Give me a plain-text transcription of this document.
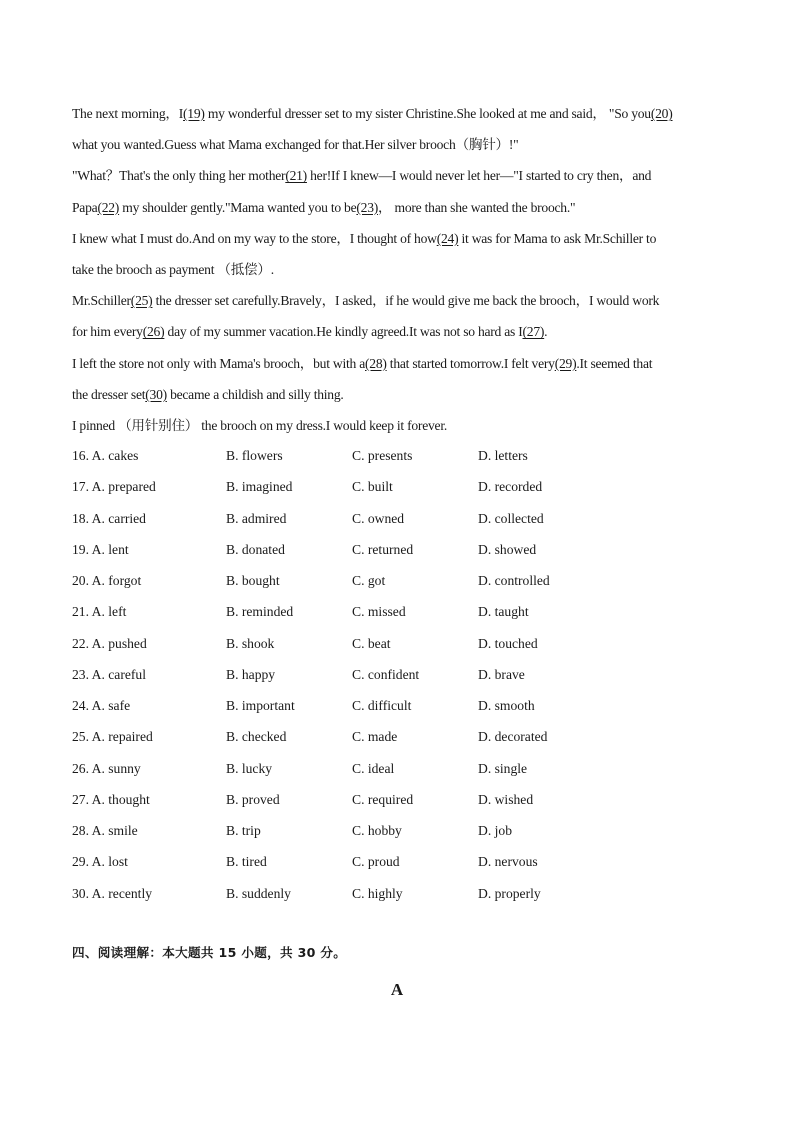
The next morning，I(19) my wonderful dresser set to my sister Christine.She looked at me and said， "So you(20)

what you wanted.Guess what Mama exchanged for that.Her silver brooch（胸针）!"

"What？That's the only thing her mother(21) her!If I knew—I would never let her—"I started to cry then，and

Papa(22) my shoulder gently."Mama wanted you to be(23)， more than she wanted the brooch."

I knew what I must do.And on my way to the store，I thought of how(24) it was for Mama to ask Mr.Schiller to

take the brooch as payment （抵偿）.

Mr.Schiller(25) the dresser set carefully.Bravely，I asked，if he would give me back the brooch，I would work

for him every(26) day of my summer vacation.He kindly agreed.It was not so hard as I(27).

I left the store not only with Mama's brooch，but with a(28) that started tomorrow.I felt very(29).It seemed that

the dresser set(30) became a childish and silly thing.

I pinned （用针别住） the brooch on my dress.I would keep it forever.

16. A. cakes	B. flowers	C. presents	D. letters
17. A. prepared	B. imagined	C. built	D. recorded
18. A. carried	B. admired	C. owned	D. collected
19. A. lent	B. donated	C. returned	D. showed
20. A. forgot	B. bought	C. got	D. controlled
21. A. left	B. reminded	C. missed	D. taught
22. A. pushed	B. shook	C. beat	D. touched
23. A. careful	B. happy	C. confident	D. brave
24. A. safe	B. important	C. difficult	D. smooth
25. A. repaired	B. checked	C. made	D. decorated
26. A. sunny	B. lucky	C. ideal	D. single
27. A. thought	B. proved	C. required	D. wished
28. A. smile	B. trip	C. hobby	D. job
29. A. lost	B. tired	C. proud	D. nervous
30. A. recently	B. suddenly	C. highly	D. properly
四、阅读理解：本大题共 15 小题，共 30 分。
A
